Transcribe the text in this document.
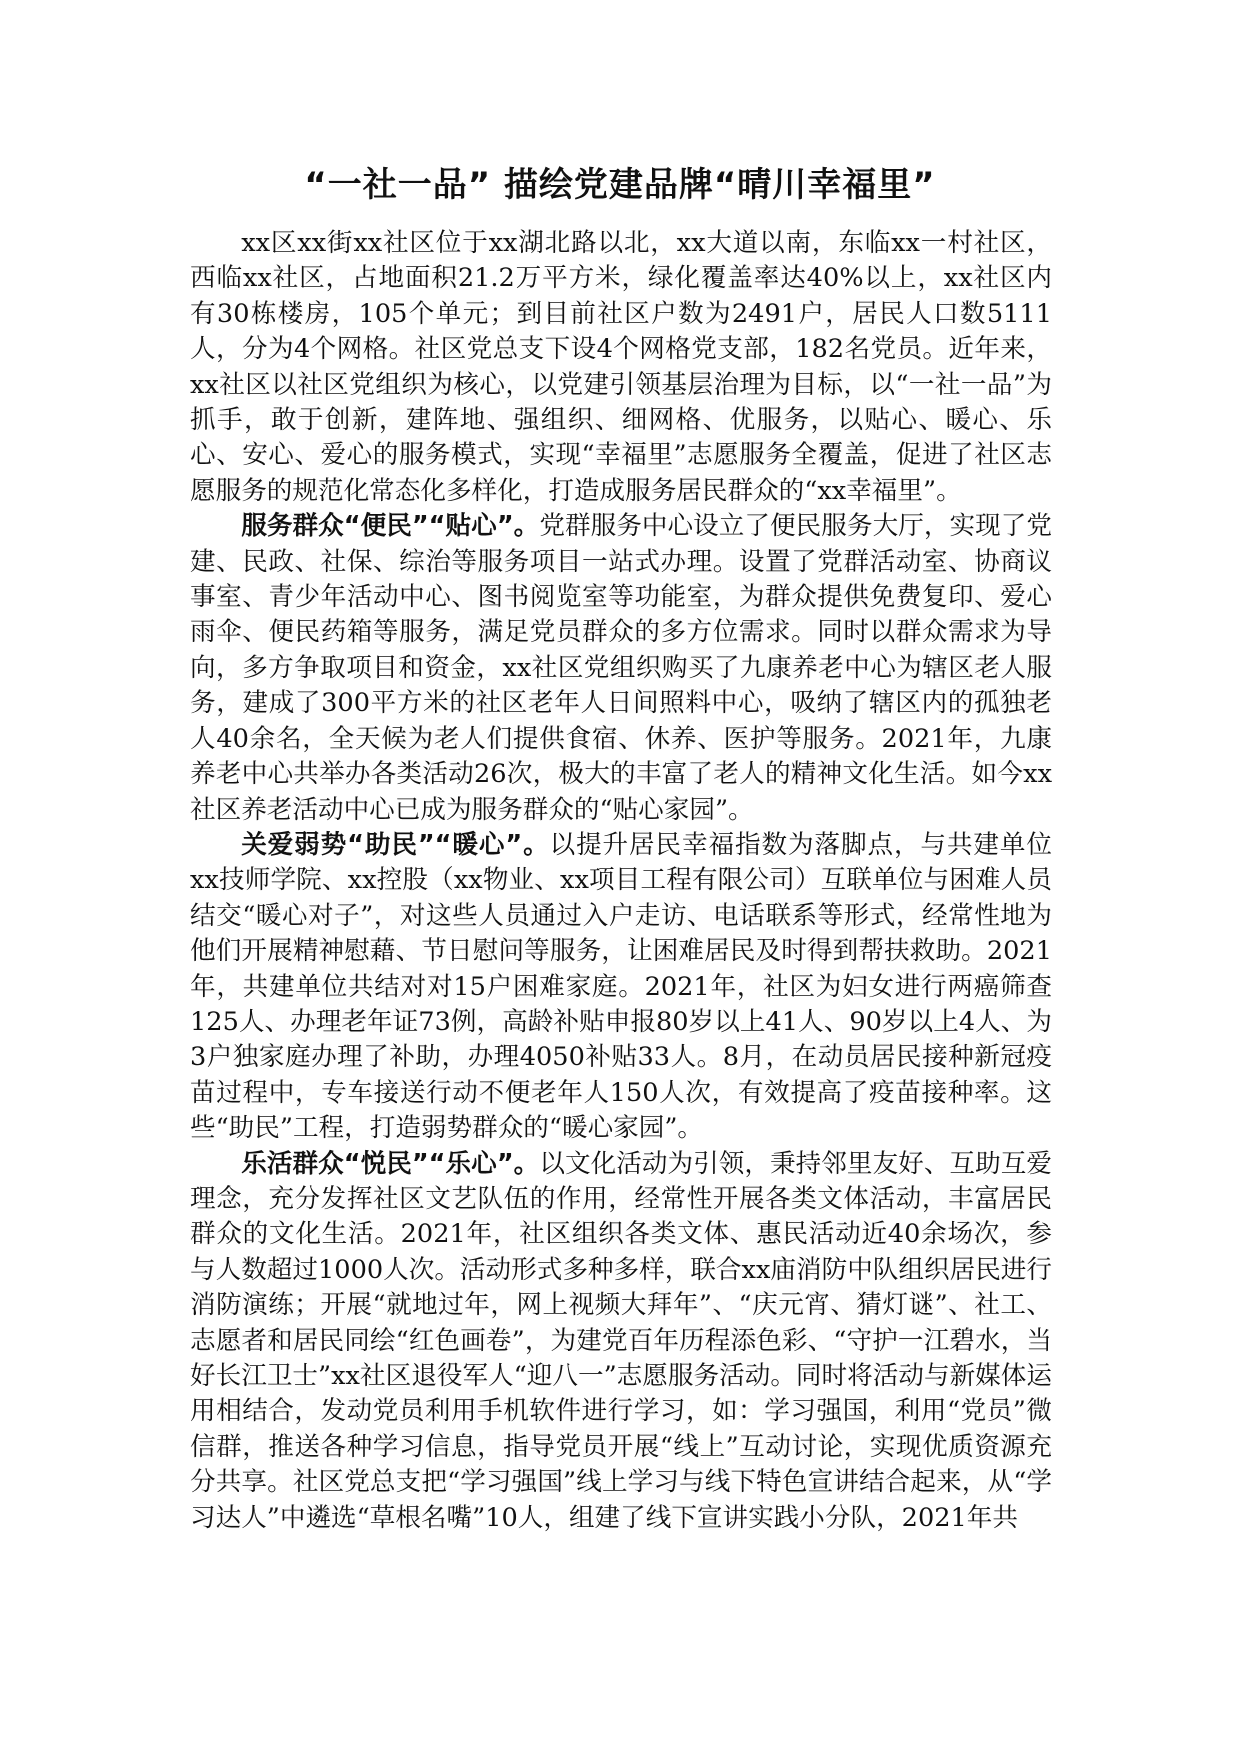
“一社一品” 描绘党建品牌“晴川幸福里”

xx区xx街xx社区位于xx湖北路以北，xx大道以南，东临xx一村社区，西临xx社区，占地面积21.2万平方米，绿化覆盖率达40%以上，xx社区内有30栋楼房，105个单元；到目前社区户数为2491户，居民人口数5111人，分为4个网格。社区党总支下设4个网格党支部，182名党员。近年来，xx社区以社区党组织为核心，以党建引领基层治理为目标，以“一社一品”为抓手，敢于创新，建阵地、强组织、细网格、优服务，以贴心、暖心、乐心、安心、爱心的服务模式，实现“幸福里”志愿服务全覆盖，促进了社区志愿服务的规范化常态化多样化，打造成服务居民群众的“xx幸福里”。

服务群众“便民”“贴心”。党群服务中心设立了便民服务大厅，实现了党建、民政、社保、综治等服务项目一站式办理。设置了党群活动室、协商议事室、青少年活动中心、图书阅览室等功能室，为群众提供免费复印、爱心雨伞、便民药箱等服务，满足党员群众的多方位需求。同时以群众需求为导向，多方争取项目和资金，xx社区党组织购买了九康养老中心为辖区老人服务，建成了300平方米的社区老年人日间照料中心，吸纳了辖区内的孤独老人40余名，全天候为老人们提供食宿、休养、医护等服务。2021年，九康养老中心共举办各类活动26次，极大的丰富了老人的精神文化生活。如今xx社区养老活动中心已成为服务群众的“贴心家园”。

关爱弱势“助民”“暖心”。以提升居民幸福指数为落脚点，与共建单位xx技师学院、xx控股（xx物业、xx项目工程有限公司）互联单位与困难人员结交“暖心对子”，对这些人员通过入户走访、电话联系等形式，经常性地为他们开展精神慰藉、节日慰问等服务，让困难居民及时得到帮扶救助。2021年，共建单位共结对对15户困难家庭。2021年，社区为妇女进行两癌筛查125人、办理老年证73例，高龄补贴申报80岁以上41人、90岁以上4人、为3户独家庭办理了补助，办理4050补贴33人。8月，在动员居民接种新冠疫苗过程中，专车接送行动不便老年人150人次，有效提高了疫苗接种率。这些“助民”工程，打造弱势群众的“暖心家园”。

乐活群众“悦民”“乐心”。以文化活动为引领，秉持邻里友好、互助互爱理念，充分发挥社区文艺队伍的作用，经常性开展各类文体活动，丰富居民群众的文化生活。2021年，社区组织各类文体、惠民活动近40余场次，参与人数超过1000人次。活动形式多种多样，联合xx庙消防中队组织居民进行消防演练；开展“就地过年，网上视频大拜年”、“庆元宵、猜灯谜”、社工、志愿者和居民同绘“红色画卷”，为建党百年历程添色彩、“守护一江碧水，当好长江卫士”xx社区退役军人“迎八一”志愿服务活动。同时将活动与新媒体运用相结合，发动党员利用手机软件进行学习，如：学习强国，利用“党员”微信群，推送各种学习信息，指导党员开展“线上”互动讨论，实现优质资源充分共享。社区党总支把“学习强国”线上学习与线下特色宣讲结合起来，从“学习达人”中遴选“草根名嘴”10人，组建了线下宣讲实践小分队，2021年共
